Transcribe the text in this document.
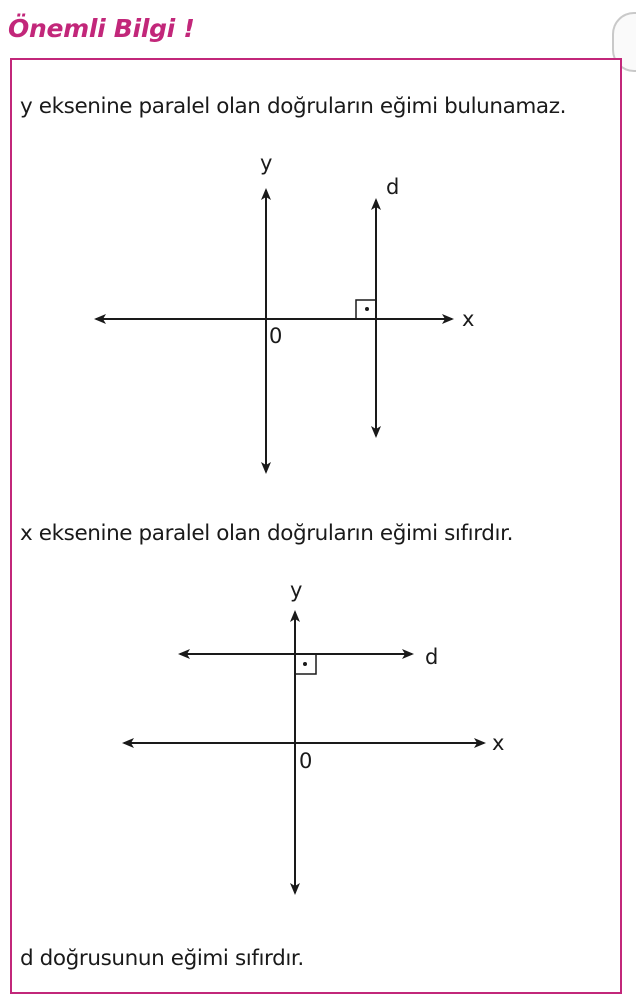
Önemli Bilgi !
y eksenine paralel olan doğruların eğimi bulunamaz.
x eksenine paralel olan doğruların eğimi sıfırdır.
d doğrusunun eğimi sıfırdır.
y
x
0
d
y
x
0
d
